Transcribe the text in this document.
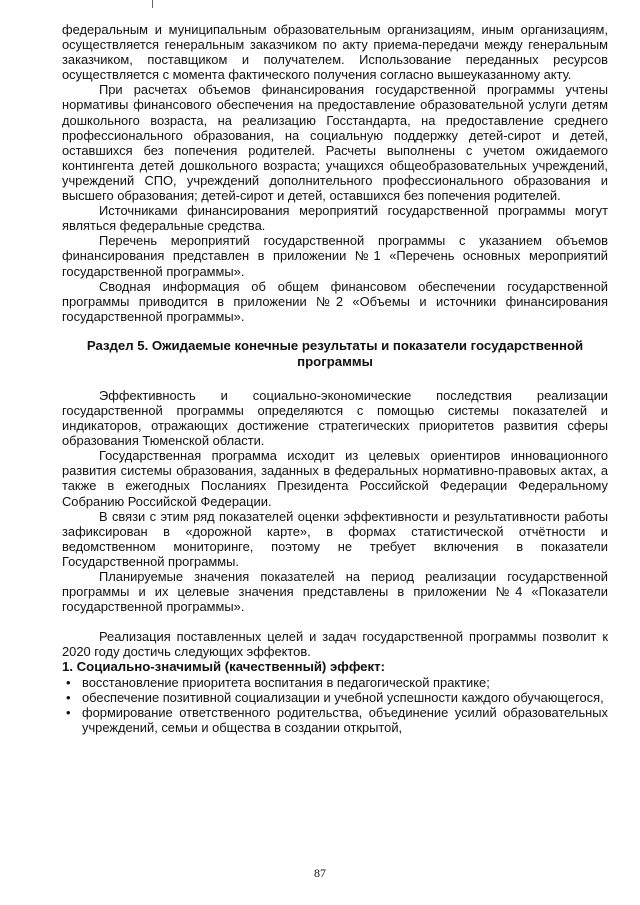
федеральным и муниципальным образовательным организациям, иным организациям, осуществляется генеральным заказчиком по акту приема-передачи между генеральным заказчиком, поставщиком и получателем. Использование переданных ресурсов осуществляется с момента фактического получения согласно вышеуказанному акту.

При расчетах объемов финансирования государственной программы учтены нормативы финансового обеспечения на предоставление образовательной услуги детям дошкольного возраста, на реализацию Госстандарта, на предоставление среднего профессионального образования, на социальную поддержку детей-сирот и детей, оставшихся без попечения родителей. Расчеты выполнены с учетом ожидаемого контингента детей дошкольного возраста; учащихся общеобразовательных учреждений, учреждений СПО, учреждений дополнительного профессионального образования и высшего образования; детей-сирот и детей, оставшихся без попечения родителей.

Источниками финансирования мероприятий государственной программы могут являться федеральные средства.

Перечень мероприятий государственной программы с указанием объемов финансирования представлен в приложении №1 «Перечень основных мероприятий государственной программы».

Сводная информация об общем финансовом обеспечении государственной программы приводится в приложении №2 «Объемы и источники финансирования государственной программы».

Раздел 5. Ожидаемые конечные результаты и показатели государственной программы

Эффективность и социально-экономические последствия реализации государственной программы определяются с помощью системы показателей и индикаторов, отражающих достижение стратегических приоритетов развития сферы образования Тюменской области.

Государственная программа исходит из целевых ориентиров инновационного развития системы образования, заданных в федеральных нормативно-правовых актах, а также в ежегодных Посланиях Президента Российской Федерации Федеральному Собранию Российской Федерации.

В связи с этим ряд показателей оценки эффективности и результативности работы зафиксирован в «дорожной карте», в формах статистической отчётности и ведомственном мониторинге, поэтому не требует включения в показатели Государственной программы.

Планируемые значения показателей на период реализации государственной программы и их целевые значения представлены в приложении №4 «Показатели государственной программы».

Реализация поставленных целей и задач государственной программы позволит к 2020 году достичь следующих эффектов.

1. Социально-значимый (качественный) эффект:

• восстановление приоритета воспитания в педагогической практике;
• обеспечение позитивной социализации и учебной успешности каждого обучающегося,
• формирование ответственного родительства, объединение усилий образовательных учреждений, семьи и общества в создании открытой,
87
